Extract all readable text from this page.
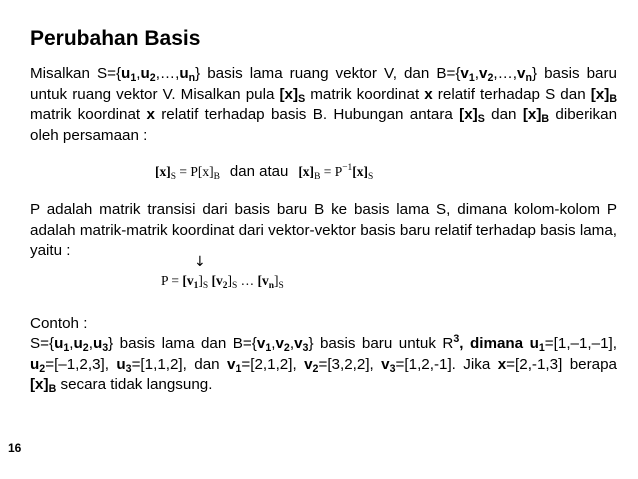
Perubahan Basis

Misalkan $S=\{u_1,u_2,\dots,u_n\}$ basis lama ruang vektor V, dan $B=\{v_1,v_2,\dots,v_n\}$ basis baru untuk ruang vektor V. Misalkan pula $[x]_S$ matrik koordinat x relatif terhadap S dan $[x]_B$ matrik koordinat x relatif terhadap basis B. Hubungan antara $[x]_S$ dan $[x]_B$ diberikan oleh persamaan :

$[x]_S = P[x]_B$ dan atau $[x]_B = P^{-1}[x]_S$

P adalah matrik transisi dari basis baru B ke basis lama S, dimana kolom-kolom P adalah matrik-matrik koordinat dari vektor-vektor basis baru relatif terhadap basis lama, yaitu :

↓
$P = [v_1]_S$ $[v_2]_S$ … $[v_n]_S$

Contoh :

$S=\{u_1,u_2,u_3\}$ basis lama dan $B=\{v_1,v_2,v_3\}$ basis baru untuk $R^3$, dimana $u_1=[1,-1,-1]$, $u_2=[-1,2,3]$, $u_3=[1,1,2]$, dan $v_1=[2,1,2]$, $v_2=[3,2,2]$, $v_3=[1,2,-1]$. Jika x=[2,-1,3] berapa $[x]_B$ secara tidak langsung.

16
